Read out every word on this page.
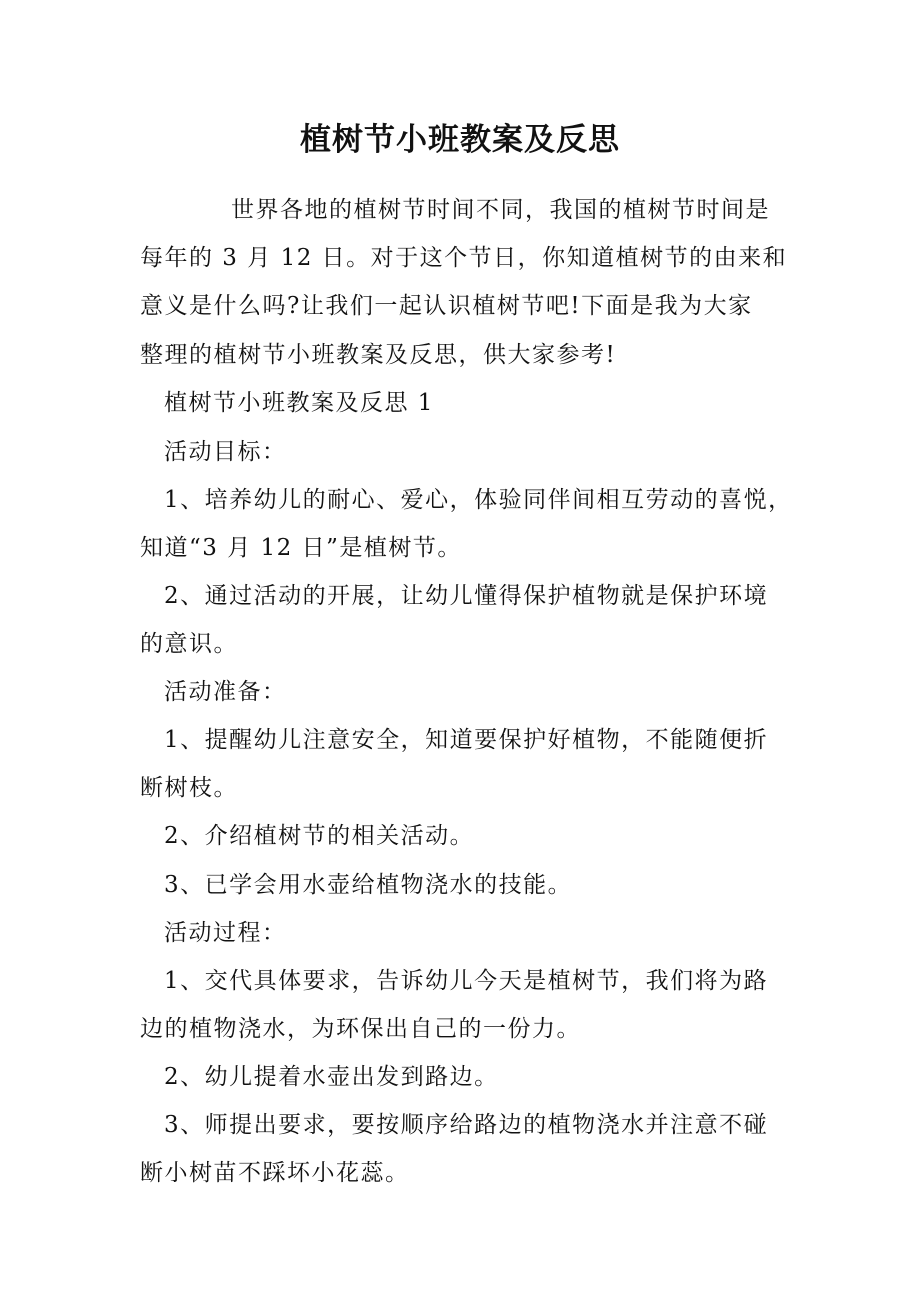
植树节小班教案及反思
世界各地的植树节时间不同，我国的植树节时间是
每年的 3 月 12 日。对于这个节日，你知道植树节的由来和
意义是什么吗?让我们一起认识植树节吧!下面是我为大家
整理的植树节小班教案及反思，供大家参考!
植树节小班教案及反思 1
活动目标：
1、培养幼儿的耐心、爱心，体验同伴间相互劳动的喜悦，
知道“3 月 12 日”是植树节。
2、通过活动的开展，让幼儿懂得保护植物就是保护环境
的意识。
活动准备：
1、提醒幼儿注意安全，知道要保护好植物，不能随便折
断树枝。
2、介绍植树节的相关活动。
3、已学会用水壶给植物浇水的技能。
活动过程：
1、交代具体要求，告诉幼儿今天是植树节，我们将为路
边的植物浇水，为环保出自己的一份力。
2、幼儿提着水壶出发到路边。
3、师提出要求，要按顺序给路边的植物浇水并注意不碰
断小树苗不踩坏小花蕊。
